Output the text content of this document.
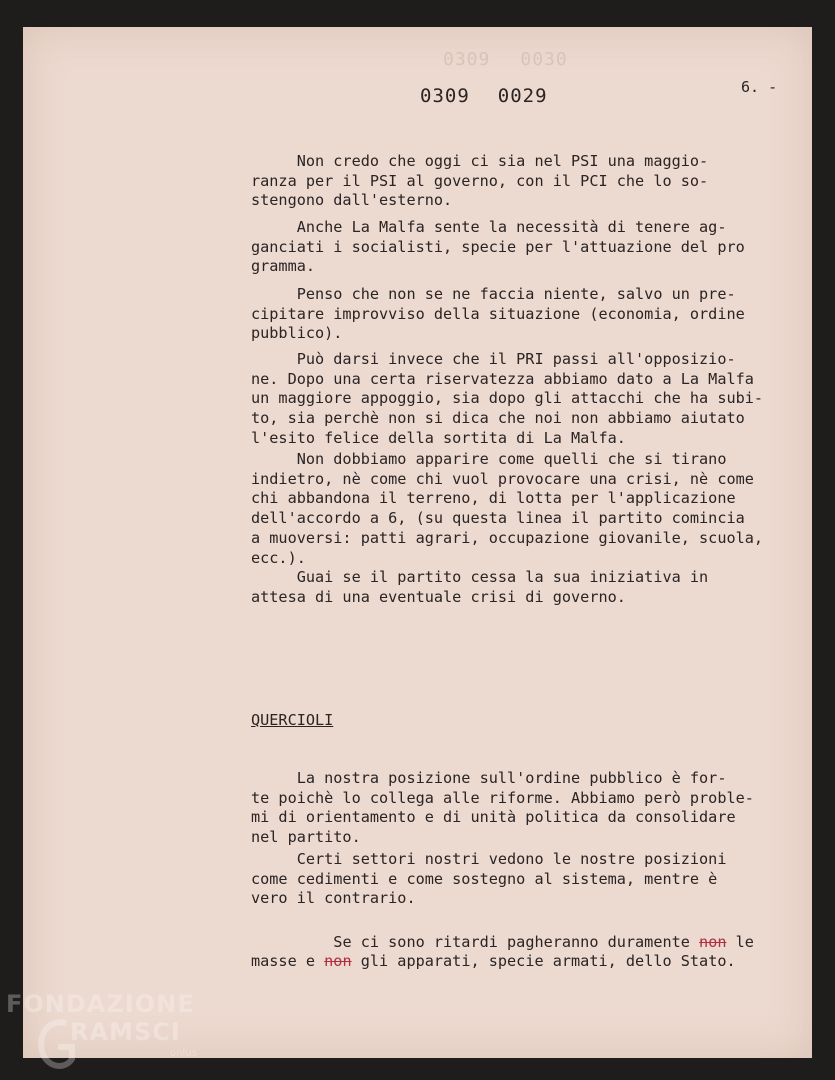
0309 0030
0309 0029	6. -
Non credo che oggi ci sia nel PSI una maggio-
ranza per il PSI al governo, con il PCI che lo so-
stengono dall'esterno.
Anche La Malfa sente la necessità di tenere ag-
ganciati i socialisti, specie per l'attuazione del pro
gramma.
Penso che non se ne faccia niente, salvo un pre-
cipitare improvviso della situazione (economia, ordine
pubblico).
Può darsi invece che il PRI passi all'opposizio-
ne. Dopo una certa riservatezza abbiamo dato a La Malfa
un maggiore appoggio, sia dopo gli attacchi che ha subi-
to, sia perchè non si dica che noi non abbiamo aiutato
l'esito felice della sortita di La Malfa.
Non dobbiamo apparire come quelli che si tirano
indietro, nè come chi vuol provocare una crisi, nè come
chi abbandona il terreno, di lotta per l'applicazione
dell'accordo a 6, (su questa linea il partito comincia
a muoversi: patti agrari, occupazione giovanile, scuola,
ecc.).
Guai se il partito cessa la sua iniziativa in
attesa di una eventuale crisi di governo.
QUERCIOLI
La nostra posizione sull'ordine pubblico è for-
te poichè lo collega alle riforme. Abbiamo però proble-
mi di orientamento e di unità politica da consolidare
nel partito.
Certi settori nostri vedono le nostre posizioni
come cedimenti e come sostegno al sistema, mentre è
vero il contrario.

Se ci sono ritardi pagheranno duramente non le
masse e non gli apparati, specie armati, dello Stato.
FONDAZIONE
RAMSCI
onlus
